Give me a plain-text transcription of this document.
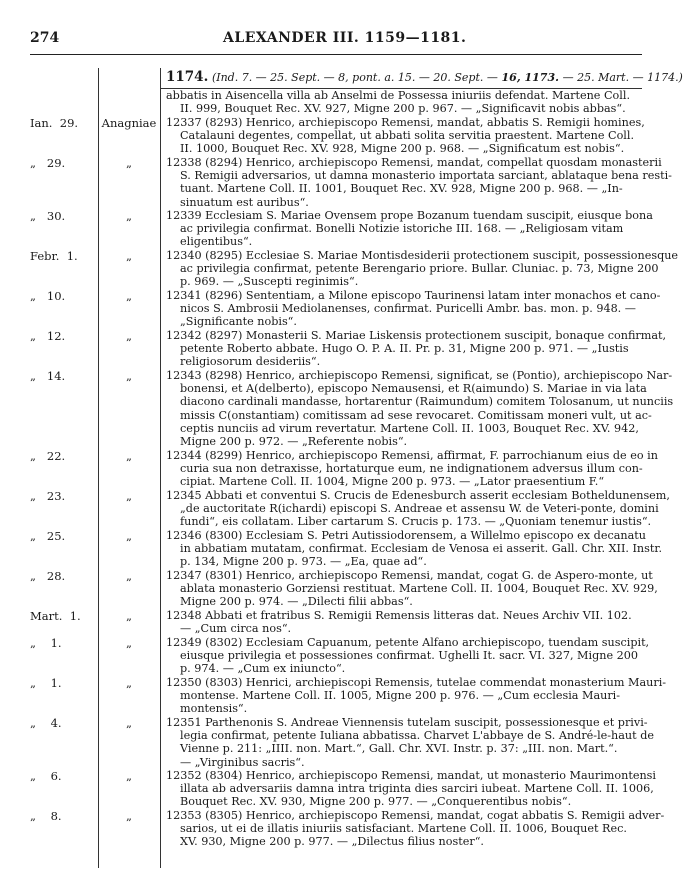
274	ALEXANDER III. 1159—1181.
1174. (Ind. 7. — 25. Sept. — 8, pont. a. 15. — 20. Sept. — 16, 1173. — 25. Mart. — 1174.)
abbatis in Aisencella villa ab Anselmi de Possessa iniuriis defendat. Martene Coll.
II. 999, Bouquet Rec. XV. 927, Migne 200 p. 967. — „Significavit nobis abbas“.
Ian.  29.	Anagniae 12337 (8293) Henrico, archiepiscopo Remensi, mandat, abbatis S. Remigii homines,
Catalauni degentes, compellat, ut abbati solita servitia praestent. Martene Coll.
II. 1000, Bouquet Rec. XV. 928, Migne 200 p. 968. — „Significatum est nobis“.
„   29.	„	12338 (8294) Henrico, archiepiscopo Remensi, mandat, compellat quosdam monasterii
S. Remigii adversarios, ut damna monasterio importata sarciant, ablataque bena resti-
tuant. Martene Coll. II. 1001, Bouquet Rec. XV. 928, Migne 200 p. 968. — „In-
sinuatum est auribus“.
„   30.	„	12339 Ecclesiam S. Mariae Ovensem prope Bozanum tuendam suscipit, eiusque bona
ac privilegia confirmat. Bonelli Notizie istoriche III. 168. — „Religiosam vitam
eligentibus“.
Febr.  1.	„	12340 (8295) Ecclesiae S. Mariae Montisdesiderii protectionem suscipit, possessionesque
ac privilegia confirmat, petente Berengario priore. Bullar. Cluniac. p. 73, Migne 200
p. 969. — „Suscepti reginimis“.
„   10.	„	12341 (8296) Sententiam, a Milone episcopo Taurinensi latam inter monachos et cano-
nicos S. Ambrosii Mediolanenses, confirmat. Puricelli Ambr. bas. mon. p. 948. —
„Significante nobis“.
„   12.	„	12342 (8297) Monasterii S. Mariae Liskensis protectionem suscipit, bonaque confirmat,
petente Roberto abbate. Hugo O. P. A. II. Pr. p. 31, Migne 200 p. 971. — „Iustis
religiosorum desideriis“.
„   14.	„	12343 (8298) Henrico, archiepiscopo Remensi, significat, se (Pontio), archiepiscopo Nar-
bonensi, et A(delberto), episcopo Nemausensi, et R(aimundo) S. Mariae in via lata
diacono cardinali mandasse, hortarentur (Raimundum) comitem Tolosanum, ut nunciis
missis C(onstantiam) comitissam ad sese revocaret. Comitissam moneri vult, ut ac-
ceptis nunciis ad virum revertatur. Martene Coll. II. 1003, Bouquet Rec. XV. 942,
Migne 200 p. 972. — „Referente nobis“.
„   22.	„	12344 (8299) Henrico, archiepiscopo Remensi, affirmat, F. parrochianum eius de eo in
curia sua non detraxisse, hortaturque eum, ne indignationem adversus illum con-
cipiat. Martene Coll. II. 1004, Migne 200 p. 973. — „Lator praesentium F.“
„   23.	„	12345 Abbati et conventui S. Crucis de Edenesburch asserit ecclesiam Botheldunensem,
„de auctoritate R(ichardi) episcopi S. Andreae et assensu W. de Veteri-ponte, domini
fundi“, eis collatam. Liber cartarum S. Crucis p. 173. — „Quoniam tenemur iustis“.
„   25.	„	12346 (8300) Ecclesiam S. Petri Autissiodorensem, a Willelmo episcopo ex decanatu
in abbatiam mutatam, confirmat. Ecclesiam de Venosa ei asserit. Gall. Chr. XII. Instr.
p. 134, Migne 200 p. 973. — „Ea, quae ad“.
„   28.	„	12347 (8301) Henrico, archiepiscopo Remensi, mandat, cogat G. de Aspero-monte, ut
ablata monasterio Gorziensi restituat. Martene Coll. II. 1004, Bouquet Rec. XV. 929,
Migne 200 p. 974. — „Dilecti filii abbas“.
Mart.  1.	„	12348 Abbati et fratribus S. Remigii Remensis litteras dat. Neues Archiv VII. 102.
— „Cum circa nos“.
„    1.	„	12349 (8302) Ecclesiam Capuanum, petente Alfano archiepiscopo, tuendam suscipit,
eiusque privilegia et possessiones confirmat. Ughelli It. sacr. VI. 327, Migne 200
p. 974. — „Cum ex iniuncto“.
„    1.	„	12350 (8303) Henrici, archiepiscopi Remensis, tutelae commendat monasterium Mauri-
montense. Martene Coll. II. 1005, Migne 200 p. 976. — „Cum ecclesia Mauri-
montensis“.
„    4.	„	12351 Parthenonis S. Andreae Viennensis tutelam suscipit, possessionesque et privi-
legia confirmat, petente Iuliana abbatissa. Charvet L'abbaye de S. André-le-haut de
Vienne p. 211: „IIII. non. Mart.“, Gall. Chr. XVI. Instr. p. 37: „III. non. Mart.“.
— „Virginibus sacris“.
„    6.	„	12352 (8304) Henrico, archiepiscopo Remensi, mandat, ut monasterio Maurimontensi
illata ab adversariis damna intra triginta dies sarciri iubeat. Martene Coll. II. 1006,
Bouquet Rec. XV. 930, Migne 200 p. 977. — „Conquerentibus nobis“.
„    8.	„	12353 (8305) Henrico, archiepiscopo Remensi, mandat, cogat abbatis S. Remigii adver-
sarios, ut ei de illatis iniuriis satisfaciant. Martene Coll. II. 1006, Bouquet Rec.
XV. 930, Migne 200 p. 977. — „Dilectus filius noster“.
